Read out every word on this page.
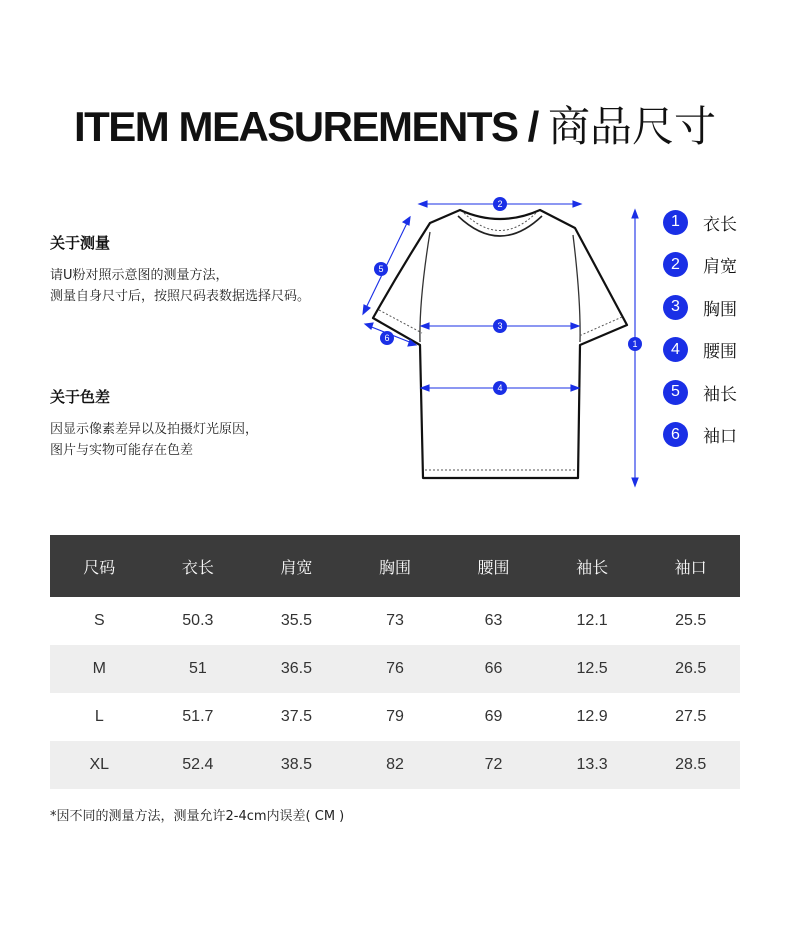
ITEM MEASUREMENTS / 商品尺寸
关于测量
请U粉对照示意图的测量方法，
测量自身尺寸后，按照尺码表数据选择尺码。
关于色差
因显示像素差异以及拍摄灯光原因，
图片与实物可能存在色差
1
2
3
4
5
6
1	衣长
2	肩宽
3	胸围
4	腰围
5	袖长
6	袖口
尺码	衣长	肩宽	胸围	腰围	袖长	袖口
S	50.3	35.5	73	63	12.1	25.5
M	51	36.5	76	66	12.5	26.5
L	51.7	37.5	79	69	12.9	27.5
XL	52.4	38.5	82	72	13.3	28.5
*因不同的测量方法，测量允许2-4cm内误差( CM )
